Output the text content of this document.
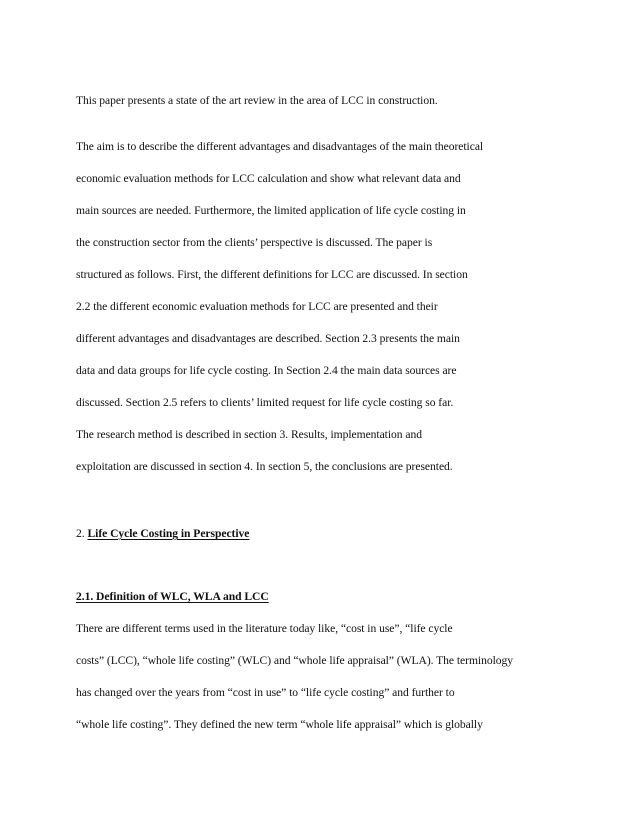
This paper presents a state of the art review in the area of LCC in construction.
The aim is to describe the different advantages and disadvantages of the main theoretical
economic evaluation methods for LCC calculation and show what relevant data and
main sources are needed. Furthermore, the limited application of life cycle costing in
the construction sector from the clients’ perspective is discussed. The paper is
structured as follows. First, the different definitions for LCC are discussed. In section
2.2 the different economic evaluation methods for LCC are presented and their
different advantages and disadvantages are described. Section 2.3 presents the main
data and data groups for life cycle costing. In Section 2.4 the main data sources are
discussed. Section 2.5 refers to clients’ limited request for life cycle costing so far.
The research method is described in section 3. Results, implementation and
exploitation are discussed in section 4. In section 5, the conclusions are presented.
2. Life Cycle Costing in Perspective
2.1. Definition of WLC, WLA and LCC
There are different terms used in the literature today like, “cost in use”, “life cycle
costs” (LCC), “whole life costing” (WLC) and “whole life appraisal” (WLA). The terminology
has changed over the years from “cost in use” to “life cycle costing” and further to
“whole life costing”. They defined the new term “whole life appraisal” which is globally
